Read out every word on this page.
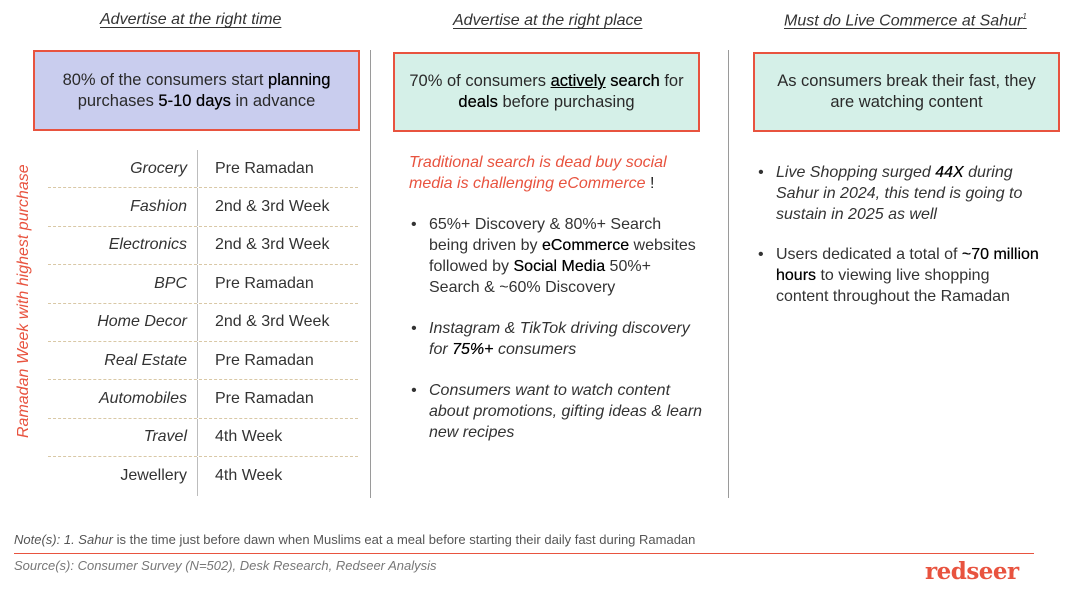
Advertise at the right time
80% of the consumers start planning
purchases 5-10 days in advance
Ramadan Week with highest purchase	Grocery	Pre Ramadan
Fashion	2nd & 3rd Week
Electronics	2nd & 3rd Week
BPC	Pre Ramadan
Home Decor	2nd & 3rd Week
Real Estate	Pre Ramadan
Automobiles	Pre Ramadan
Travel	4th Week
Jewellery	4th Week
Advertise at the right place
70% of consumers actively search for
deals before purchasing
Traditional search is dead buy social
media is challenging eCommerce !
• 65%+ Discovery & 80%+ Search being driven by eCommerce websites followed by Social Media 50%+ Search & ~60% Discovery
• Instagram & TikTok driving discovery for 75%+ consumers
• Consumers want to watch content about promotions, gifting ideas & learn new recipes
Must do Live Commerce at Sahur$^1$
As consumers break their fast, they are watching content
• Live Shopping surged 44X during Sahur in 2024, this tend is going to sustain in 2025 as well
• Users dedicated a total of ~70 million hours to viewing live shopping content throughout the Ramadan
Note(s): 1. Sahur is the time just before dawn when Muslims eat a meal before starting their daily fast during Ramadan
Source(s): Consumer Survey (N=502), Desk Research, Redseer Analysis	redseer
